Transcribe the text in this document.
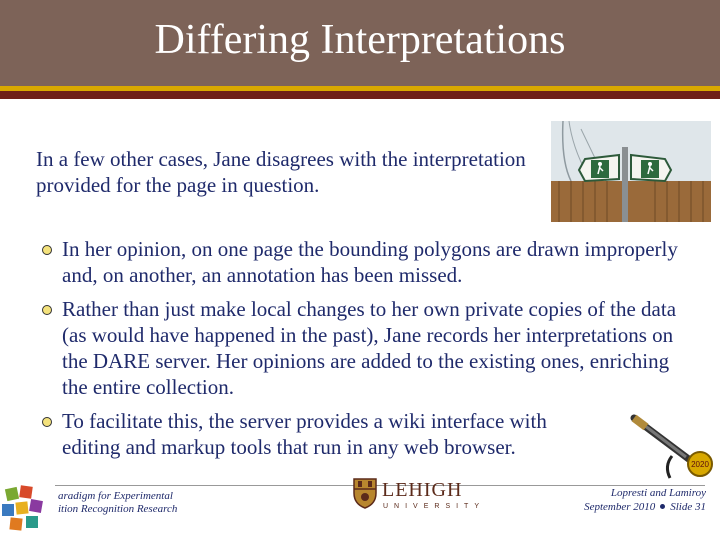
Differing Interpretations
In a few other cases, Jane disagrees with the interpretation provided for the page in question.
In her opinion, on one page the bounding polygons are drawn improperly and, on another, an annotation has been missed.
Rather than just make local changes to her own private copies of the data (as would have happened in the past), Jane records her interpretations on the DARE server. Her opinions are added to the existing ones, enriching the entire collection.
To facilitate this, the server provides a wiki interface with editing and markup tools that run in any web browser.
2020
aradigm for Experimental
ition Recognition Research
LEHIGH
UNIVERSITY
Lopresti and Lamiroy
September 2010 Slide 31
